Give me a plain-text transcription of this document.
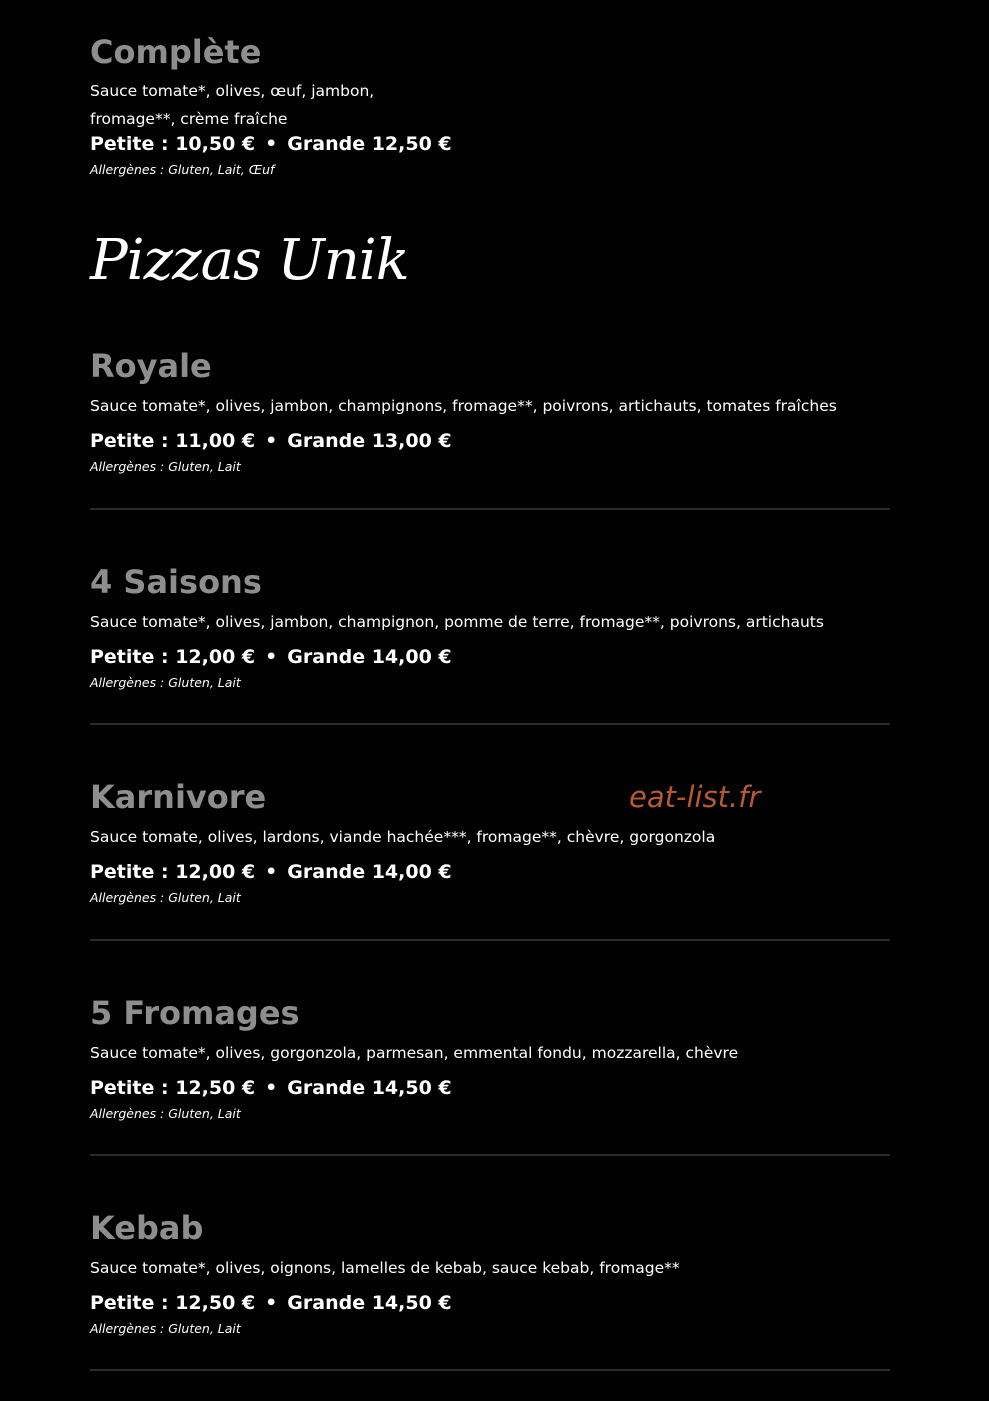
Complète
Sauce tomate*, olives, œuf, jambon,
fromage**, crème fraîche
Petite : 10,50 € • Grande 12,50 €
Allergènes : Gluten, Lait, Œuf
Pizzas Unik
Royale
Sauce tomate*, olives, jambon, champignons, fromage**, poivrons, artichauts, tomates fraîches
Petite : 11,00 € • Grande 13,00 €
Allergènes : Gluten, Lait
4 Saisons
Sauce tomate*, olives, jambon, champignon, pomme de terre, fromage**, poivrons, artichauts
Petite : 12,00 € • Grande 14,00 €
Allergènes : Gluten, Lait
Karnivore
Sauce tomate, olives, lardons, viande hachée***, fromage**, chèvre, gorgonzola
Petite : 12,00 € • Grande 14,00 €
Allergènes : Gluten, Lait
5 Fromages
Sauce tomate*, olives, gorgonzola, parmesan, emmental fondu, mozzarella, chèvre
Petite : 12,50 € • Grande 14,50 €
Allergènes : Gluten, Lait
Kebab
Sauce tomate*, olives, oignons, lamelles de kebab, sauce kebab, fromage**
Petite : 12,50 € • Grande 14,50 €
Allergènes : Gluten, Lait
eat-list.fr
